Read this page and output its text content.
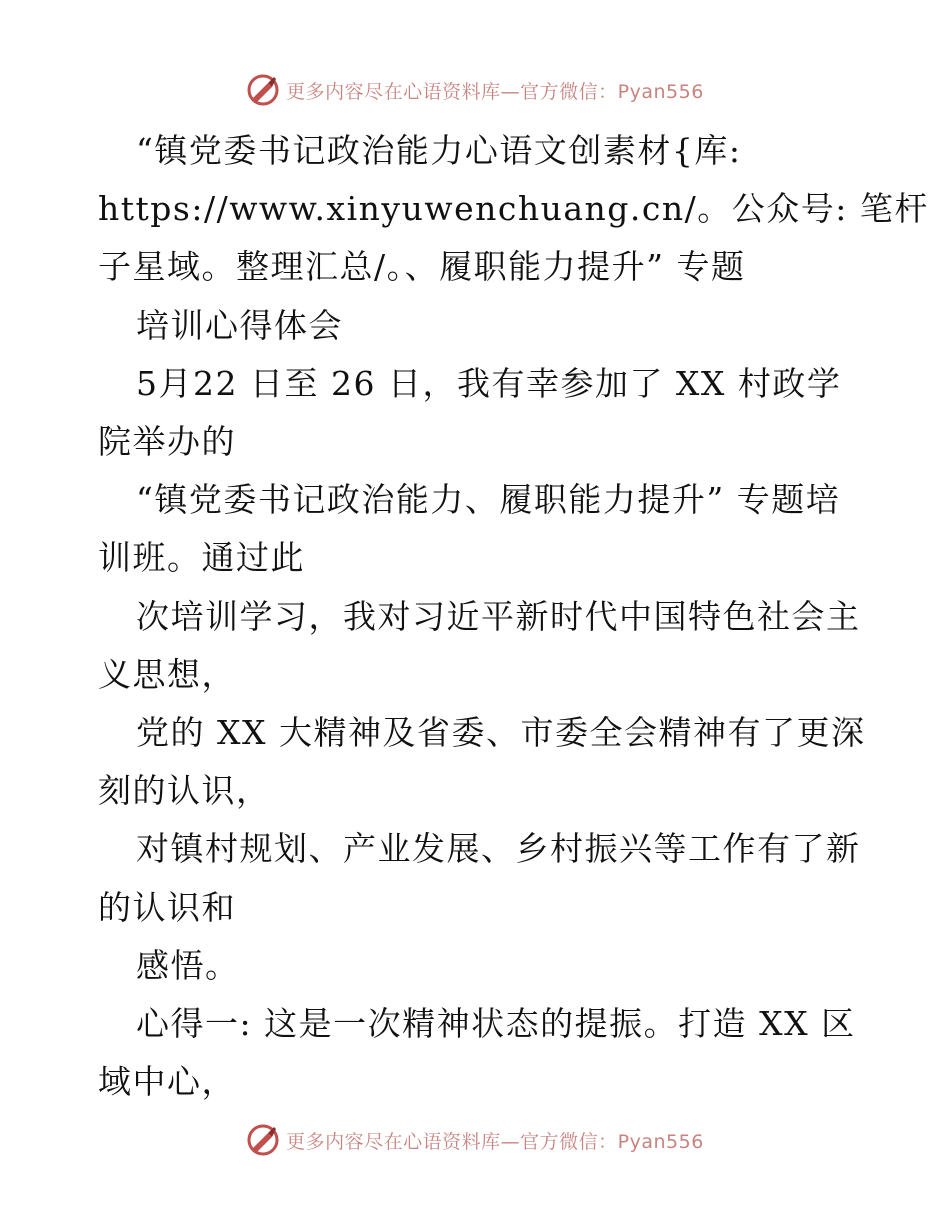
更多内容尽在心语资料库—官方微信：Pyan556

“镇党委书记政治能力心语文创素材{库:

https://www.xinyuwenchuang.cn/。公众号: 笔杆

子星域。整理汇总/。、履职能力提升” 专题

培训心得体会

5月22 日至 26 日，我有幸参加了 XX 村政学

院举办的

“镇党委书记政治能力、履职能力提升” 专题培

训班。通过此

次培训学习，我对习近平新时代中国特色社会主

义思想，

党的 XX 大精神及省委、市委全会精神有了更深

刻的认识，

对镇村规划、产业发展、乡村振兴等工作有了新

的认识和

感悟。

心得一: 这是一次精神状态的提振。打造 XX 区

域中心，

更多内容尽在心语资料库—官方微信：Pyan556
